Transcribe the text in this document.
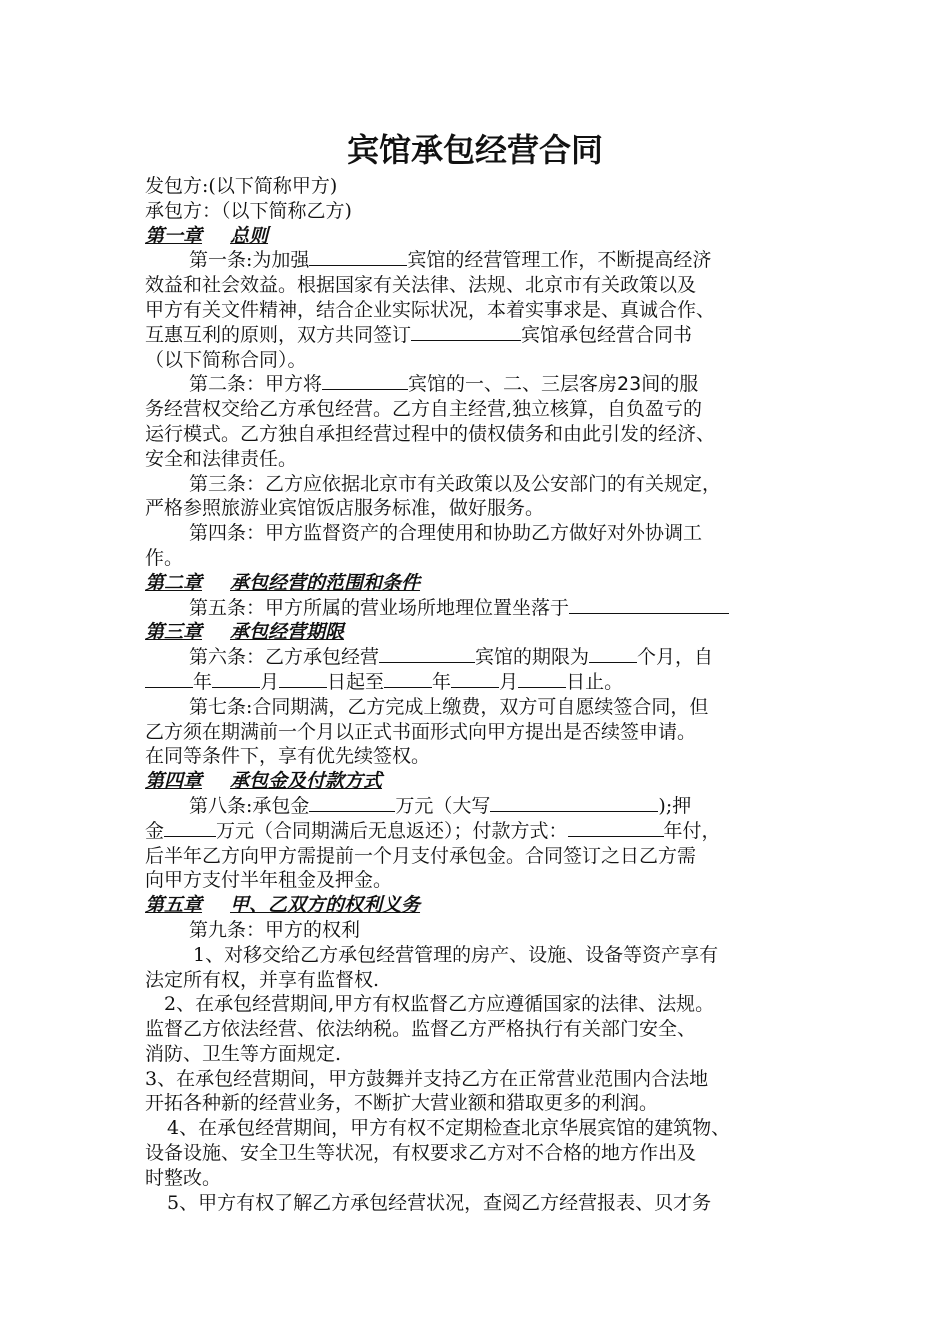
宾馆承包经营合同

发包方:(以下简称甲方)

承包方：（以下简称乙方)

第一章 总则

第一条:为加强	宾馆的经营管理工作，不断提高经济

效益和社会效益。根据国家有关法律、法规、北京市有关政策以及

甲方有关文件精神，结合企业实际状况，本着实事求是、真诚合作、

互惠互利的原则，双方共同签订	宾馆承包经营合同书

（以下简称合同）。

第二条：甲方将	宾馆的一、二、三层客房23间的服

务经营权交给乙方承包经营。乙方自主经营,独立核算，自负盈亏的

运行模式。乙方独自承担经营过程中的债权债务和由此引发的经济、

安全和法律责任。

第三条：乙方应依据北京市有关政策以及公安部门的有关规定，

严格参照旅游业宾馆饭店服务标准，做好服务。

第四条：甲方监督资产的合理使用和协助乙方做好对外协调工

作。

第二章 承包经营的范围和条件

第五条：甲方所属的营业场所地理位置坐落于

第三章 承包经营期限

第六条：乙方承包经营	宾馆的期限为	个月，自

年	月	日起至	年	月	日止。

第七条:合同期满，乙方完成上缴费，双方可自愿续签合同，但

乙方须在期满前一个月以正式书面形式向甲方提出是否续签申请。

在同等条件下，享有优先续签权。

第四章 承包金及付款方式

第八条:承包金	万元（大写	);押

金	万元（合同期满后无息返还）；付款方式：	年付，

后半年乙方向甲方需提前一个月支付承包金。合同签订之日乙方需

向甲方支付半年租金及押金。

第五章 甲、乙双方的权利义务

第九条：甲方的权利

1、对移交给乙方承包经营管理的房产、设施、设备等资产享有

法定所有权，并享有监督权.

2、在承包经营期间,甲方有权监督乙方应遵循国家的法律、法规。

监督乙方依法经营、依法纳税。监督乙方严格执行有关部门安全、

消防、卫生等方面规定.

3、在承包经营期间，甲方鼓舞并支持乙方在正常营业范围内合法地

开拓各种新的经营业务，不断扩大营业额和猎取更多的利润。

4、在承包经营期间，甲方有权不定期检查北京华展宾馆的建筑物、

设备设施、安全卫生等状况，有权要求乙方对不合格的地方作出及

时整改。

5、甲方有权了解乙方承包经营状况，查阅乙方经营报表、贝才务
